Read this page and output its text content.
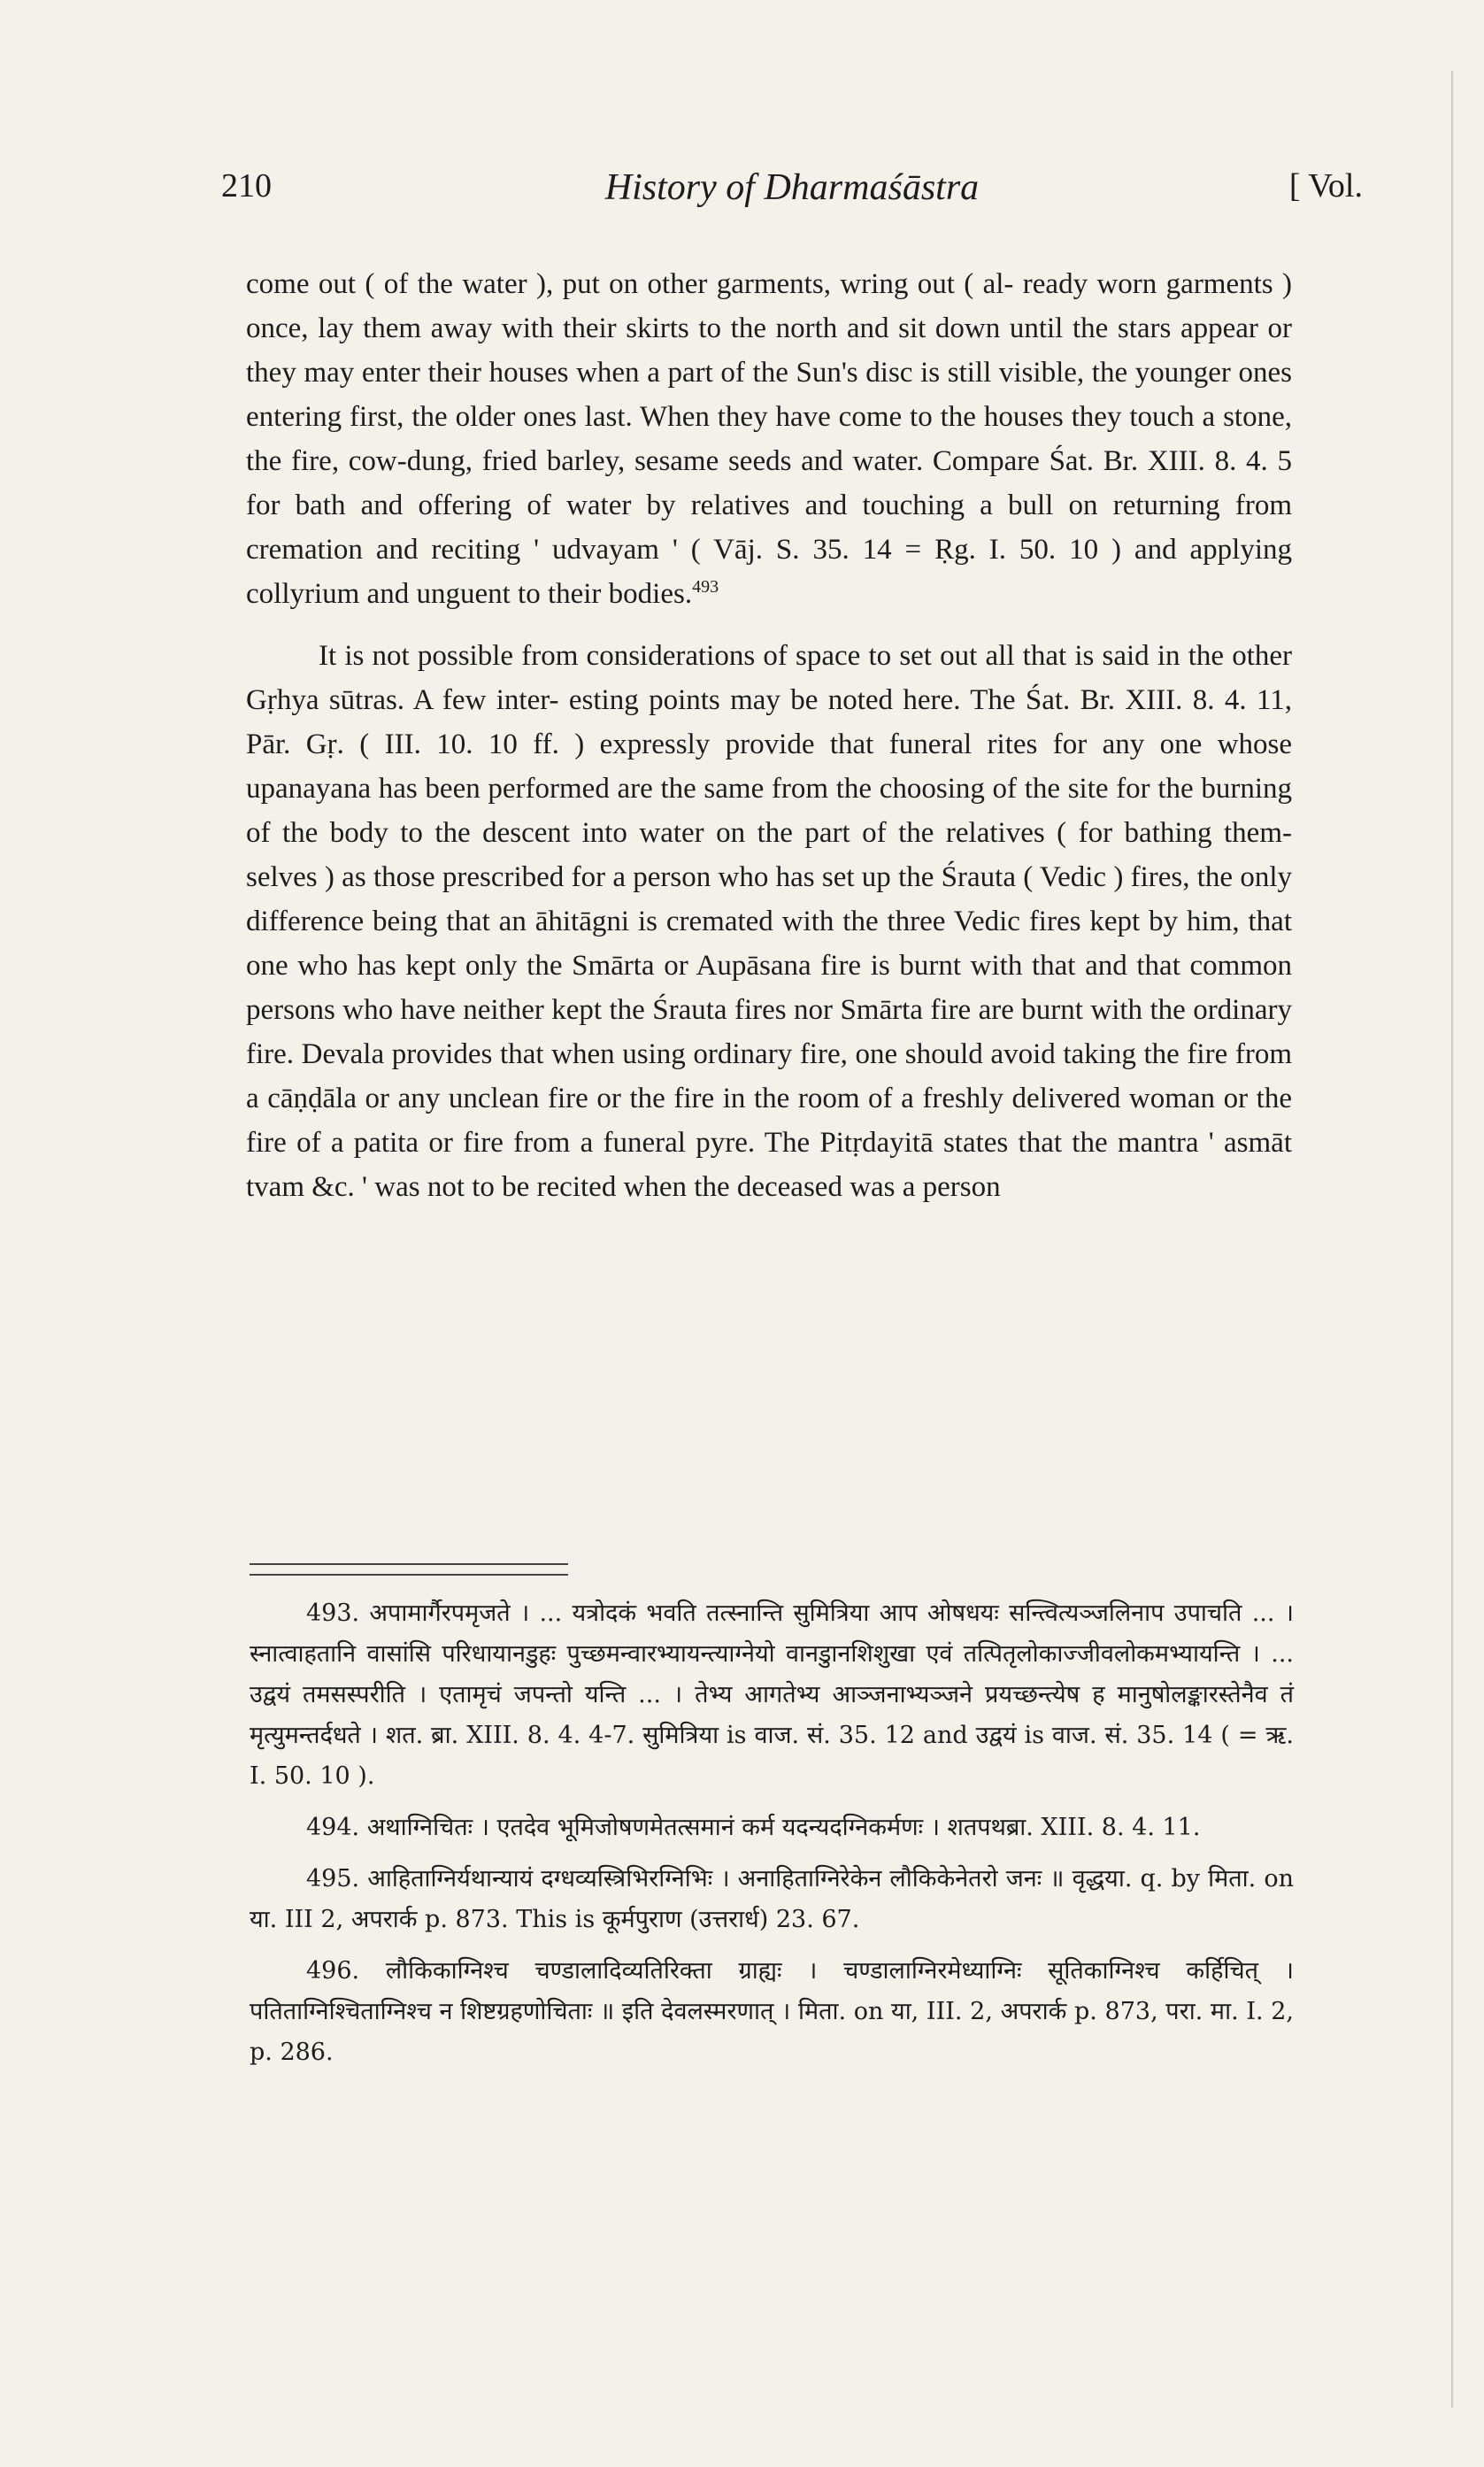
210	History of Dharmaśāstra	[ Vol.

come out ( of the water ), put on other garments, wring out ( al- ready worn garments ) once, lay them away with their skirts to the north and sit down until the stars appear or they may enter their houses when a part of the Sun's disc is still visible, the younger ones entering first, the older ones last. When they have come to the houses they touch a stone, the fire, cow-dung, fried barley, sesame seeds and water. Compare Śat. Br. XIII. 8. 4. 5 for bath and offering of water by relatives and touching a bull on returning from cremation and reciting ' udvayam ' ( Vāj. S. 35. 14 = Ṛg. I. 50. 10 ) and applying collyrium and unguent to their bodies.$^{493}$

It is not possible from considerations of space to set out all that is said in the other Gṛhya sūtras. A few inter- esting points may be noted here. The Śat. Br. XIII. 8. 4. 11, Pār. Gṛ. ( III. 10. 10 ff. ) expressly provide that funeral rites for any one whose upanayana has been performed are the same from the choosing of the site for the burning of the body to the descent into water on the part of the relatives ( for bathing them- selves ) as those prescribed for a person who has set up the Śrauta ( Vedic ) fires, the only difference being that an āhitāgni is cremated with the three Vedic fires kept by him, that one who has kept only the Smārta or Aupāsana fire is burnt with that and that common persons who have neither kept the Śrauta fires nor Smārta fire are burnt with the ordinary fire. Devala provides that when using ordinary fire, one should avoid taking the fire from a cāṇḍāla or any unclean fire or the fire in the room of a freshly delivered woman or the fire of a patita or fire from a funeral pyre. The Pitṛdayitā states that the mantra ' asmāt tvam &c. ' was not to be recited when the deceased was a person

493. अपामार्गैरपमृजते । ... यत्रोदकं भवति तत्स्नान्ति सुमित्रिया आप ओषधयः सन्त्वित्यञ्जलिनाप उपाचति ... । स्नात्वाहतानि वासांसि परिधायानडुहः पुच्छमन्वारभ्यायन्त्याग्नेयो वानडुानशिशुखा एवं तत्पितृलोकाज्जीवलोकमभ्यायन्ति । ... उद्वयं तमसस्परीति । एतामृचं जपन्तो यन्ति ... । तेभ्य आगतेभ्य आञ्जनाभ्यञ्जने प्रयच्छन्त्येष ह मानुषोलङ्कारस्तेनैव तं मृत्युमन्तर्दधते । शत. ब्रा. XIII. 8. 4. 4-7. सुमित्रिया is वाज. सं. 35. 12 and उद्वयं is वाज. सं. 35. 14 ( = ऋ. I. 50. 10 ).

494. अथाग्निचितः । एतदेव भूमिजोषणमेतत्समानं कर्म यदन्यदग्निकर्मणः । शतपथब्रा. XIII. 8. 4. 11.

495. आहिताग्निर्यथान्यायं दग्धव्यस्त्रिभिरग्निभिः । अनाहिताग्निरेकेन लौकिकेनेतरो जनः ॥ वृद्धया. q. by मिता. on या. III 2, अपरार्क p. 873. This is कूर्मपुराण (उत्तरार्ध) 23. 67.

496. लौकिकाग्निश्च चण्डालादिव्यतिरिक्ता ग्राह्यः । चण्डालाग्निरमेध्याग्निः सूतिकाग्निश्च कर्हिचित् । पतिताग्निश्चिताग्निश्च न शिष्टग्रहणोचिताः ॥ इति देवलस्मरणात् । मिता. on या, III. 2, अपरार्क p. 873, परा. मा. I. 2, p. 286.
